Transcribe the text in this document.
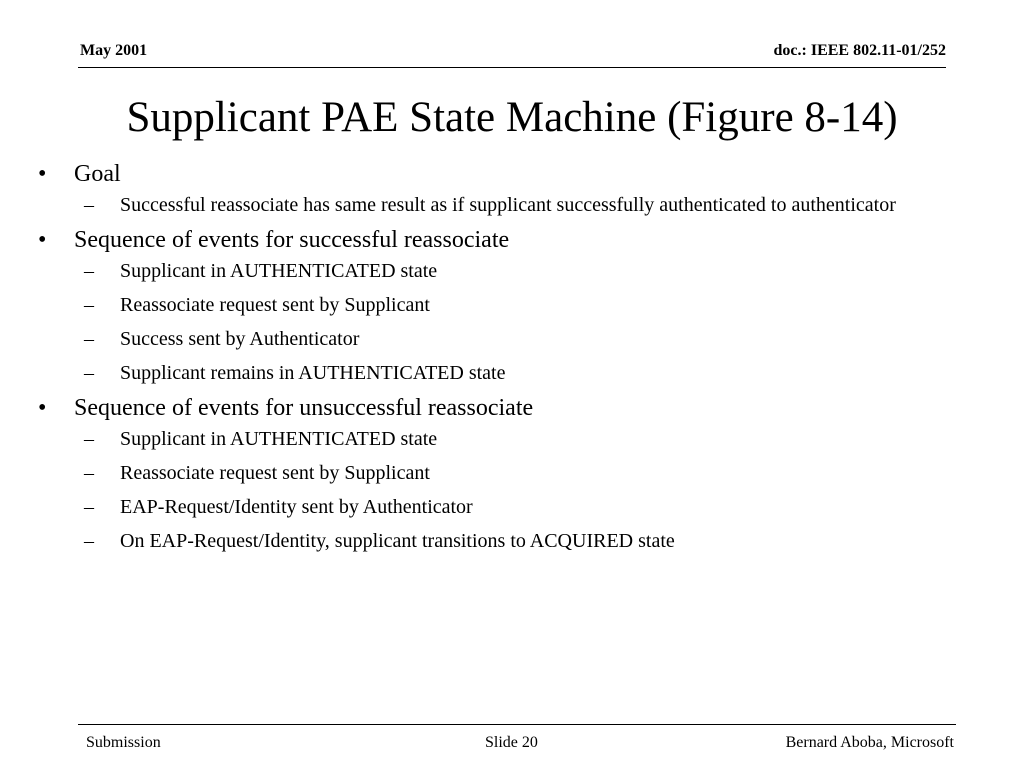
May 2001	doc.: IEEE 802.11-01/252
Supplicant PAE State Machine (Figure 8-14)
•	Goal
– Successful reassociate has same result as if supplicant successfully authenticated to authenticator
•	Sequence of events for successful reassociate
– Supplicant in AUTHENTICATED state
– Reassociate request sent by Supplicant
– Success sent by Authenticator
– Supplicant remains in AUTHENTICATED state
•	Sequence of events for unsuccessful reassociate
– Supplicant in AUTHENTICATED state
– Reassociate request sent by Supplicant
– EAP-Request/Identity sent by Authenticator
– On EAP-Request/Identity, supplicant transitions to ACQUIRED state
Submission	Slide 20	Bernard Aboba, Microsoft
